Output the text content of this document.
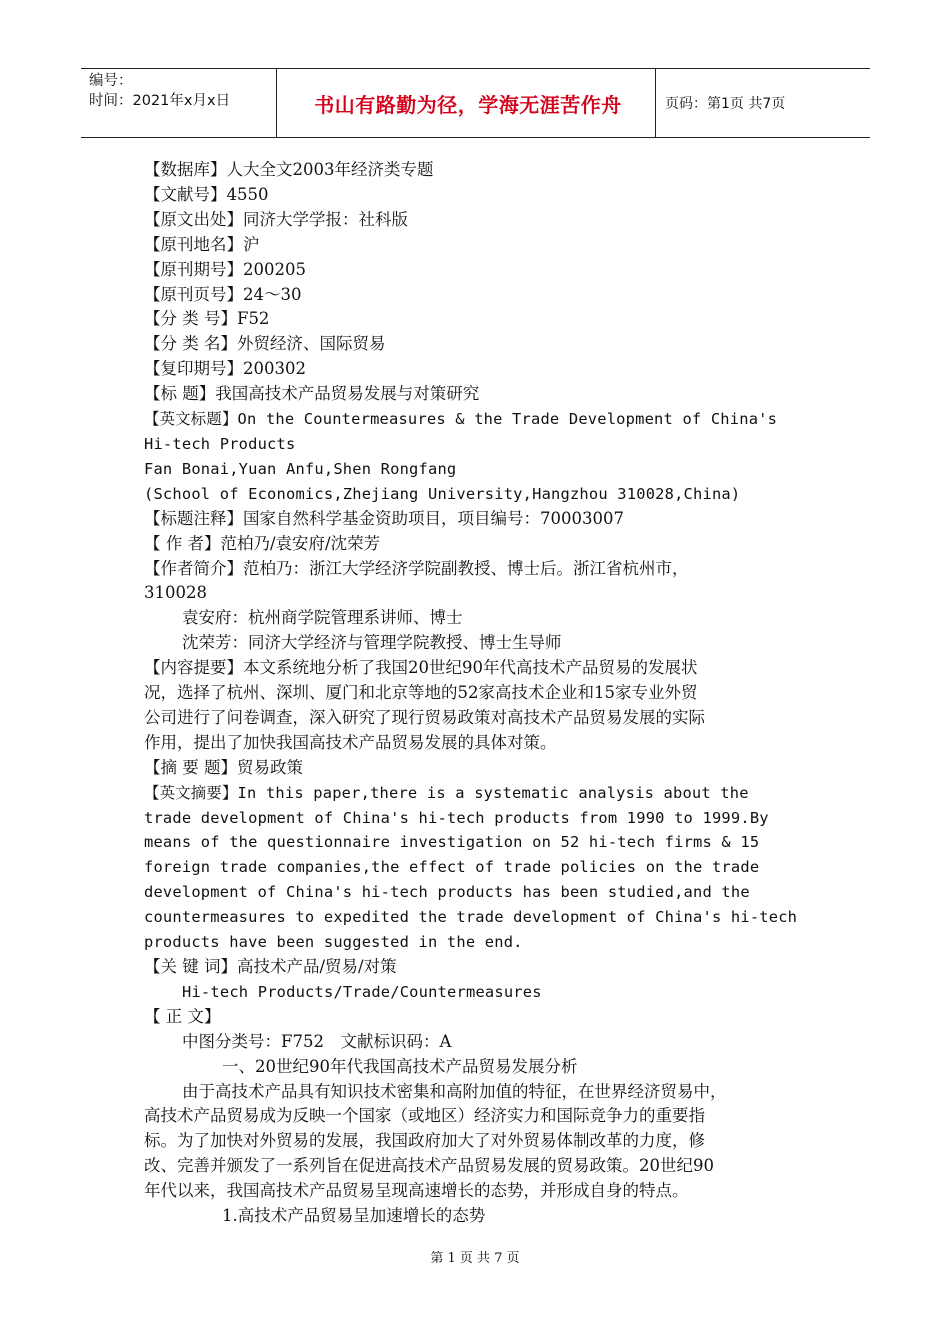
编号：
时间：2021年x月x日	书山有路勤为径，学海无涯苦作舟	页码：第1页 共7页
【数据库】人大全文2003年经济类专题
【文献号】4550
【原文出处】同济大学学报：社科版
【原刊地名】沪
【原刊期号】200205
【原刊页号】24～30
【分 类 号】F52
【分 类 名】外贸经济、国际贸易
【复印期号】200302
【标 题】我国高技术产品贸易发展与对策研究
【英文标题】On the Countermeasures & the Trade Development of China's
Hi-tech Products
Fan Bonai,Yuan Anfu,Shen Rongfang
(School of Economics,Zhejiang University,Hangzhou 310028,China)
【标题注释】国家自然科学基金资助项目，项目编号：70003007
【 作 者】范柏乃/袁安府/沈荣芳
【作者简介】范柏乃：浙江大学经济学院副教授、博士后。浙江省杭州市，
310028
袁安府：杭州商学院管理系讲师、博士
沈荣芳：同济大学经济与管理学院教授、博士生导师
【内容提要】本文系统地分析了我国20世纪90年代高技术产品贸易的发展状
况，选择了杭州、深圳、厦门和北京等地的52家高技术企业和15家专业外贸
公司进行了问卷调查，深入研究了现行贸易政策对高技术产品贸易发展的实际
作用，提出了加快我国高技术产品贸易发展的具体对策。
【摘 要 题】贸易政策
【英文摘要】In this paper,there is a systematic analysis about the
trade development of China's hi-tech products from 1990 to 1999.By
means of the questionnaire investigation on 52 hi-tech firms & 15
foreign trade companies,the effect of trade policies on the trade
development of China's hi-tech products has been studied,and the
countermeasures to expedited the trade development of China's hi-tech
products have been suggested in the end.
【关 键 词】高技术产品/贸易/对策
Hi-tech Products/Trade/Countermeasures
【 正 文】
中图分类号：F752　文献标识码：A
一、20世纪90年代我国高技术产品贸易发展分析
由于高技术产品具有知识技术密集和高附加值的特征，在世界经济贸易中，
高技术产品贸易成为反映一个国家（或地区）经济实力和国际竞争力的重要指
标。为了加快对外贸易的发展，我国政府加大了对外贸易体制改革的力度，修
改、完善并颁发了一系列旨在促进高技术产品贸易发展的贸易政策。20世纪90
年代以来，我国高技术产品贸易呈现高速增长的态势，并形成自身的特点。
1.高技术产品贸易呈加速增长的态势
第 1 页 共 7 页
